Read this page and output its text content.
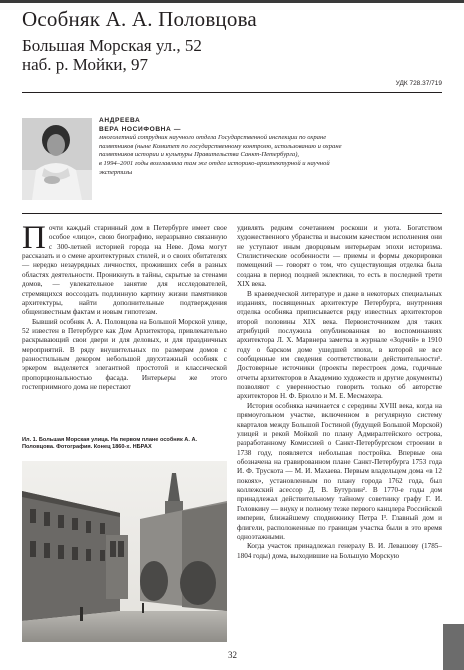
Особняк А. А. Половцова
Большая Морская ул., 52
наб. р. Мойки, 97
УДК 728.37/719
АНДРЕЕВА
ВЕРА НОСИФОВНА —
многолетний сотрудник научного отдела Государственной инспекции по охране
памятников (ныне Комитет по государственному контролю, использованию и охране
памятников истории и культуры Правительства Санкт-Петербурга),
в 1994–2001 годы возглавляла там же отдел историко-архитектурной и научной
экспертизы

Почти каждый старинный дом в Петербурге имеет свое особое «лицо», свою биографию, неразрывно связанную с 300-летней историей города на Неве. Дома могут рассказать и о смене архитектурных стилей, и о своих обитателях — нередко незаурядных личностях, проживших себя в разных областях деятельности. Проникнуть в тайны, скрытые за стенами домов, — увлекательное занятие для исследователей, стремящихся воссоздать подлинную картину жизни памятников архитектуры, найти дополнительные подтверждения общеизвестным фактам и новым гипотезам.

Бывший особняк А. А. Половцова на Большой Морской улице, 52 известен в Петербурге как Дом Архитектора, привлекательно раскрывающий свои двери и для деловых, и для праздничных мероприятий. В ряду внушительных по размерам домов с разностильным декором небольшой двухэтажный особняк с эркером выделяется элегантной простотой и классической пропорциональностью фасада. Интерьеры же этого гостеприимного дома не перестают

удивлять редким сочетанием роскоши и уюта. Богатством художественного убранства и высоким качеством исполнения они не уступают иным дворцовым интерьерам эпохи историзма. Стилистические особенности — приемы и формы декорировки помещений — говорят о том, что существующая отделка была создана в период поздней эклектики, то есть в последней трети XIX века.

В краеведческой литературе и даже в некоторых специальных изданиях, посвященных архитектуре Петербурга, внутренняя отделка особняка приписывается ряду известных архитекторов второй половины XIX века. Первоисточником для таких атрибуций послужила опубликованная во воспоминаниях архитектора Л. Х. Марвнера заметка в журнале «Зодчий» в 1910 году о барском доме ушедшей эпохи, в которой не все сообщенные им сведения соответствовали действительности¹. Достоверные источники (проекты перестроек дома, годичные отчеты архитекторов в Академию художеств и другие документы) позволяют с уверенностью говорить только об авторстве архитекторов Н. Ф. Брюлло и М. Е. Месмахера.

История особняка начинается с середины XVIII века, когда на прямоугольном участке, включенном в регулярную систему кварталов между Большой Гостиной (будущей Большой Морской) улицей и рекой Мойкой по плану Адмиралтейского острова, разработанному Комиссией о Санкт-Петербургском строении в 1738 году, появляется небольшая постройка. Впервые она обозначена на гравированном плане Санкт-Петербурга 1753 года И. Ф. Трускота — М. И. Махаева. Первым владельцем дома «в 12 покоях», установленным по плану города 1762 года, был коллежский асессор Д. В. Бутурлин². В 1770-е годы дом принадлежал действительному тайному советнику графу Г. И. Головкину — внуку и полному тезке первого канцлера Российской империи, ближайшему сподвижнику Петра I³. Главный дом и флигели, расположенные по границам участка были в это время одноэтажными.

Когда участок принадлежал генералу В. И. Левашову (1785–1804 годы) дома, выходившие на Большую Морскую

Ил. 1. Большая Морская улица. На первом плане особняк А. А. Половцова. Фотография. Конец 1860-х. НБРАХ
32
